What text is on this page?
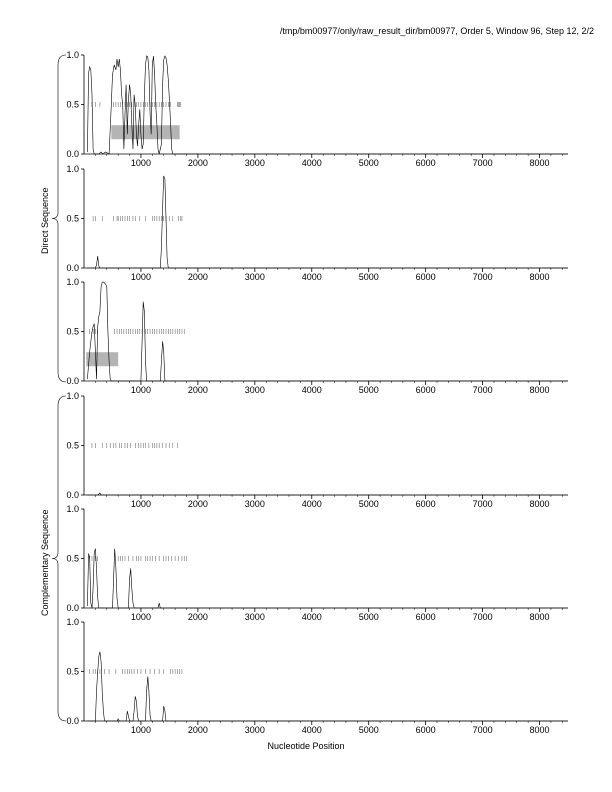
/tmp/bm00977/only/raw_result_dir/bm00977, Order 5, Window 96, Step 12, 2/2
0.0
0.5
1.0
1000	2000	3000	4000	5000	6000	7000	8000
0.0
0.5
1.0
1000	2000	3000	4000	5000	6000	7000	8000
0.0
0.5
1.0
1000	2000	3000	4000	5000	6000	7000	8000
0.0
0.5
1.0
1000	2000	3000	4000	5000	6000	7000	8000
0.0
0.5
1.0
1000	2000	3000	4000	5000	6000	7000	8000
0.0
0.5
1.0
1000	2000	3000	4000	5000	6000	7000	8000
Direct Sequence
Complementary Sequence
Nucleotide Position
